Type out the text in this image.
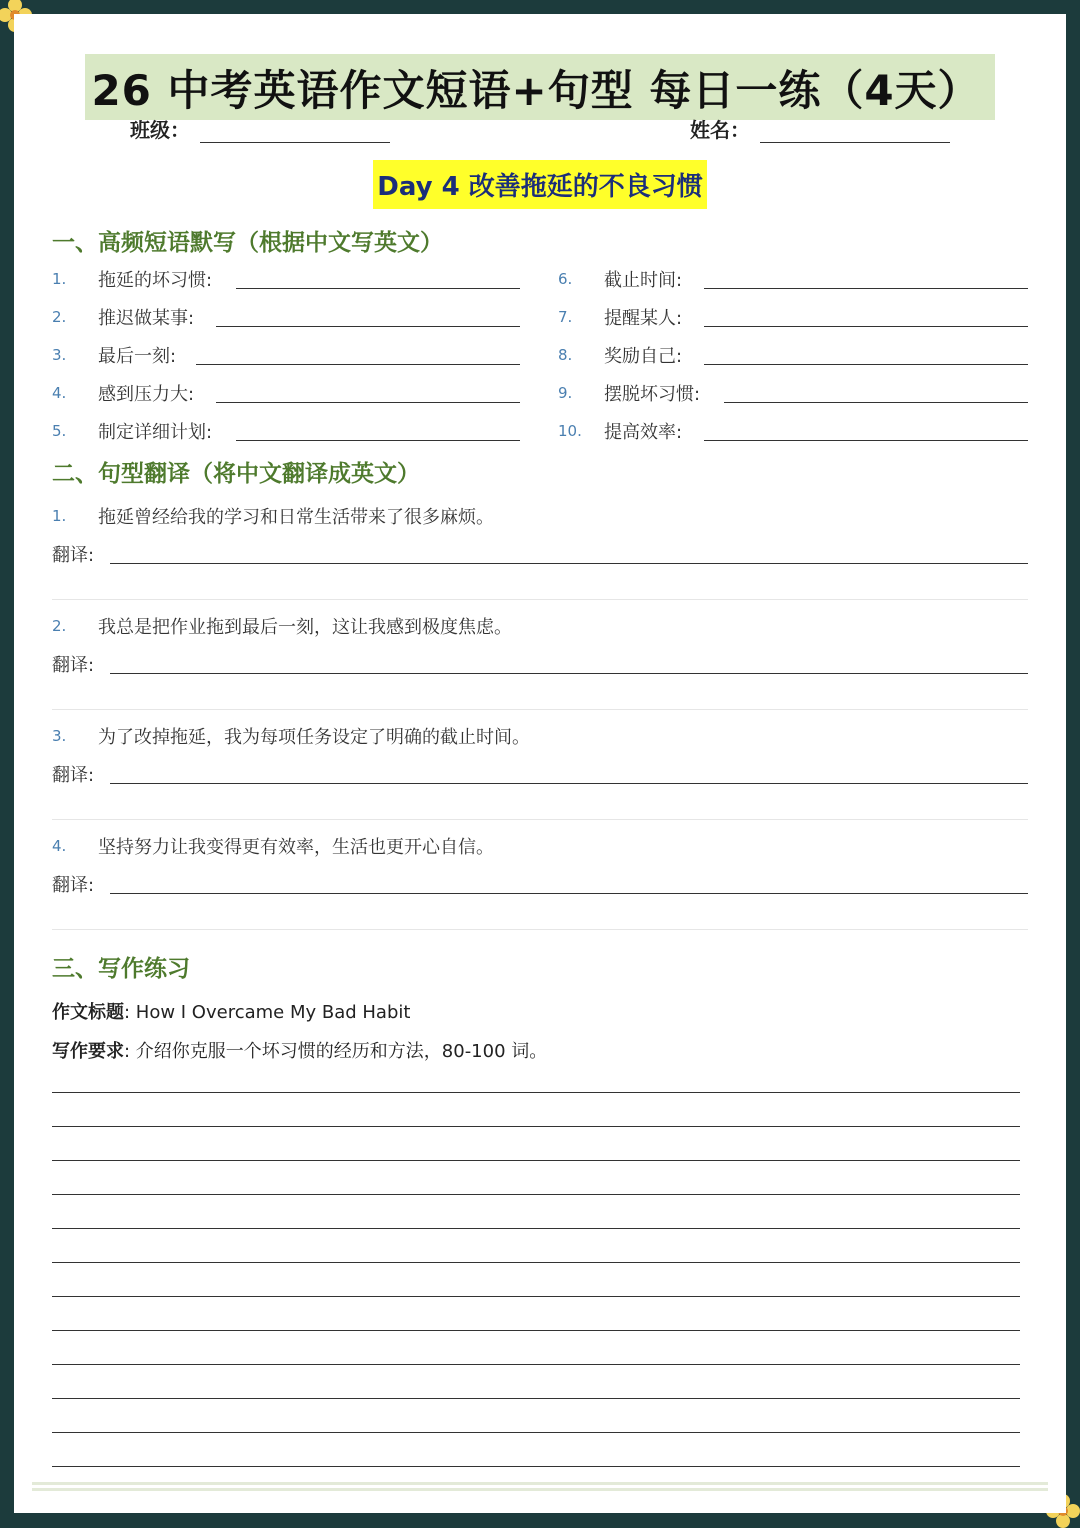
26 中考英语作文短语+句型 每日一练（4天）
班级：	姓名：
Day 4 改善拖延的不良习惯
一、高频短语默写（根据中文写英文）
1. 拖延的坏习惯:
2. 推迟做某事:
3. 最后一刻:
4. 感到压力大:
5. 制定详细计划:
6. 截止时间:
7. 提醒某人:
8. 奖励自己:
9. 摆脱坏习惯:
10. 提高效率:
二、句型翻译（将中文翻译成英文）
1. 拖延曾经给我的学习和日常生活带来了很多麻烦。
翻译:
2. 我总是把作业拖到最后一刻，这让我感到极度焦虑。
翻译:
3. 为了改掉拖延，我为每项任务设定了明确的截止时间。
翻译:
4. 坚持努力让我变得更有效率，生活也更开心自信。
翻译:
三、写作练习
作文标题: How I Overcame My Bad Habit
写作要求: 介绍你克服一个坏习惯的经历和方法，80-100 词。
